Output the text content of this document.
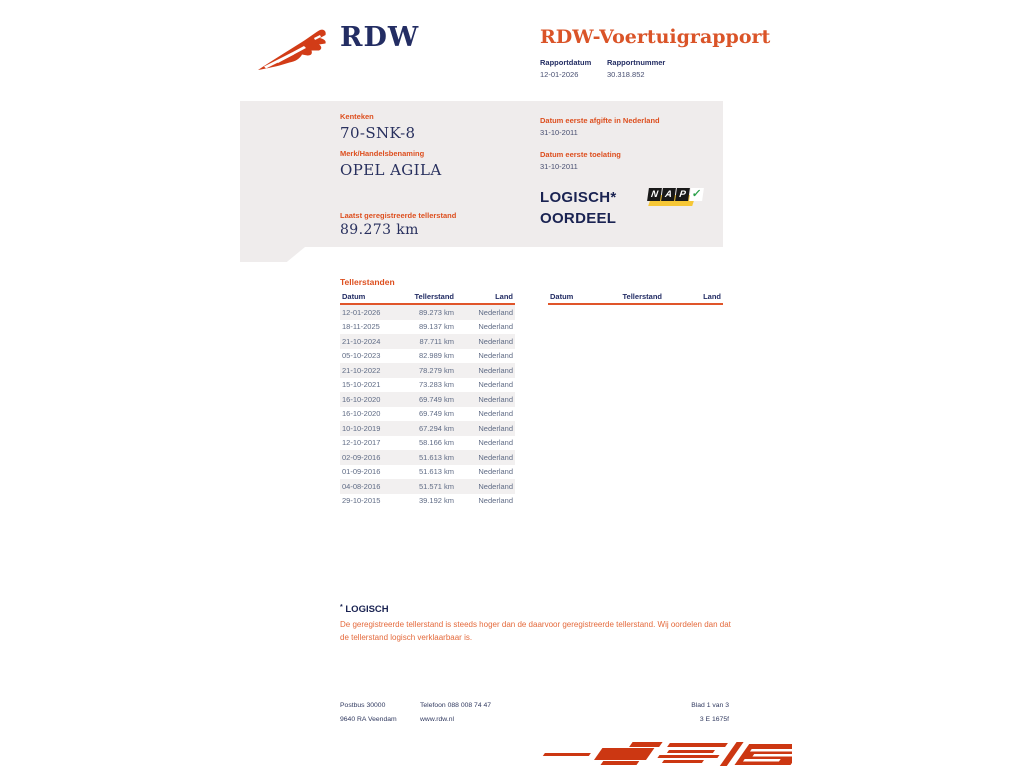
RDW	RDW-Voertuigrapport
Rapportdatum
12-01-2026
Rapportnummer
30.318.852
Kenteken
70-SNK-8
Merk/Handelsbenaming
OPEL AGILA
Laatst geregistreerde tellerstand
89.273 km
Datum eerste afgifte in Nederland
31-10-2011
Datum eerste toelating
31-10-2011
LOGISCH*
OORDEEL
N A P ✓
Tellerstanden
Datum	Tellerstand	Land
12-01-2026	89.273 km	Nederland
18-11-2025	89.137 km	Nederland
21-10-2024	87.711 km	Nederland
05-10-2023	82.989 km	Nederland
21-10-2022	78.279 km	Nederland
15-10-2021	73.283 km	Nederland
16-10-2020	69.749 km	Nederland
16-10-2020	69.749 km	Nederland
10-10-2019	67.294 km	Nederland
12-10-2017	58.166 km	Nederland
02-09-2016	51.613 km	Nederland
01-09-2016	51.613 km	Nederland
04-08-2016	51.571 km	Nederland
29-10-2015	39.192 km	Nederland
Datum	Tellerstand	Land
* LOGISCH
De geregistreerde tellerstand is steeds hoger dan de daarvoor geregistreerde tellerstand. Wij oordelen dan dat de tellerstand logisch verklaarbaar is.
Postbus 30000
9640 RA Veendam
Telefoon 088 008 74 47
www.rdw.nl
Blad 1 van 3
3 E 1675f
